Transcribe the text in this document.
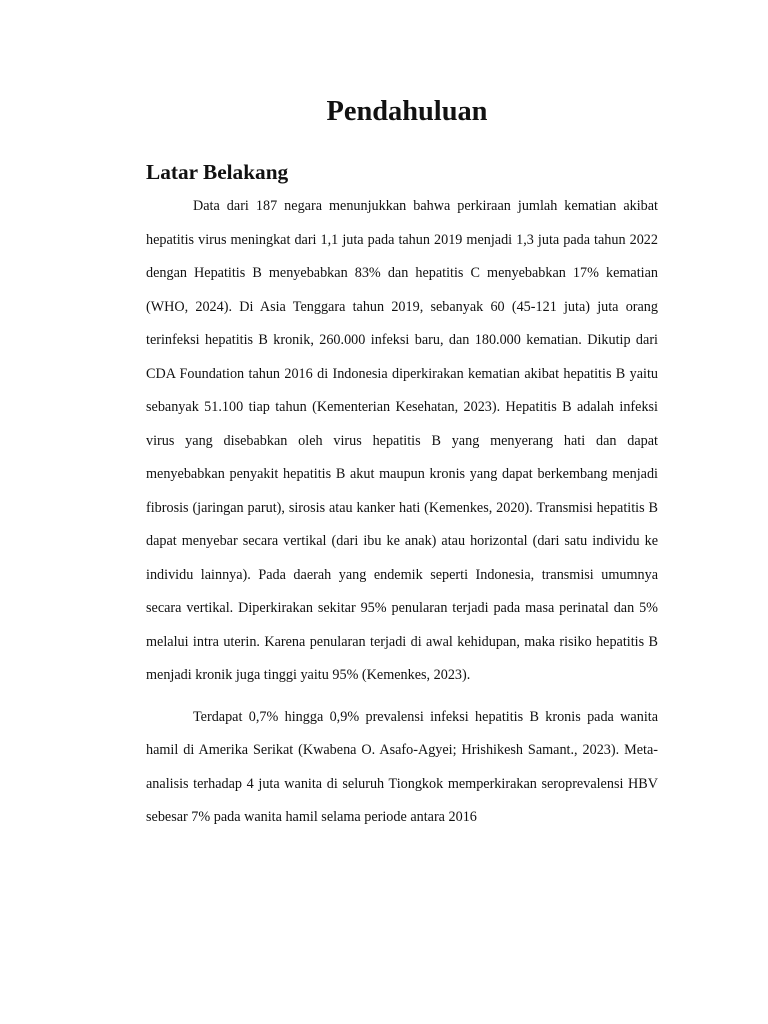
Pendahuluan
Latar Belakang

Data dari 187 negara menunjukkan bahwa perkiraan jumlah kematian akibat hepatitis virus meningkat dari 1,1 juta pada tahun 2019 menjadi 1,3 juta pada tahun 2022 dengan Hepatitis B menyebabkan 83% dan hepatitis C menyebabkan 17% kematian (WHO, 2024). Di Asia Tenggara tahun 2019, sebanyak 60 (45-121 juta) juta orang terinfeksi hepatitis B kronik, 260.000 infeksi baru, dan 180.000 kematian. Dikutip dari CDA Foundation tahun 2016 di Indonesia diperkirakan kematian akibat hepatitis B yaitu sebanyak 51.100 tiap tahun (Kementerian Kesehatan, 2023). Hepatitis B adalah infeksi virus yang disebabkan oleh virus hepatitis B yang menyerang hati dan dapat menyebabkan penyakit hepatitis B akut maupun kronis yang dapat berkembang menjadi fibrosis (jaringan parut), sirosis atau kanker hati (Kemenkes, 2020). Transmisi hepatitis B dapat menyebar secara vertikal (dari ibu ke anak) atau horizontal (dari satu individu ke individu lainnya). Pada daerah yang endemik seperti Indonesia, transmisi umumnya secara vertikal. Diperkirakan sekitar 95% penularan terjadi pada masa perinatal dan 5% melalui intra uterin. Karena penularan terjadi di awal kehidupan, maka risiko hepatitis B menjadi kronik juga tinggi yaitu 95% (Kemenkes, 2023).

Terdapat 0,7% hingga 0,9% prevalensi infeksi hepatitis B kronis pada wanita hamil di Amerika Serikat (Kwabena O. Asafo-Agyei; Hrishikesh Samant., 2023). Meta-analisis terhadap 4 juta wanita di seluruh Tiongkok memperkirakan seroprevalensi HBV sebesar 7% pada wanita hamil selama periode antara 2016
